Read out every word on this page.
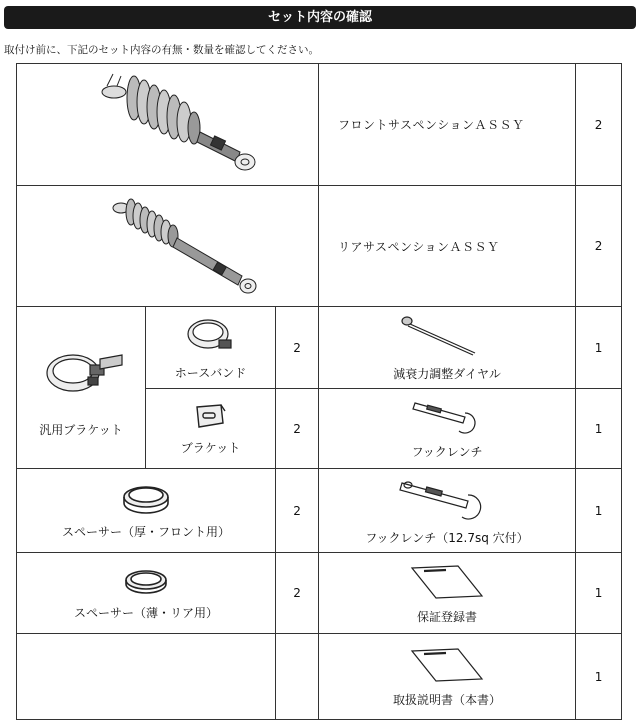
セット内容の確認
取付け前に、下記のセット内容の有無・数量を確認してください。
	フロントサスペンションＡＳＳＹ	2

	リアサスペンションＡＳＳＹ	2

汎用ブラケット	ホースバンド	2	減衰力調整ダイヤル	1

	ブラケット	2	フックレンチ	1

スペーサー（厚・フロント用）		2	フックレンチ（12.7sq 穴付）	1

スペーサー（薄・リア用）		2	保証登録書	1

			取扱説明書（本書）	1
